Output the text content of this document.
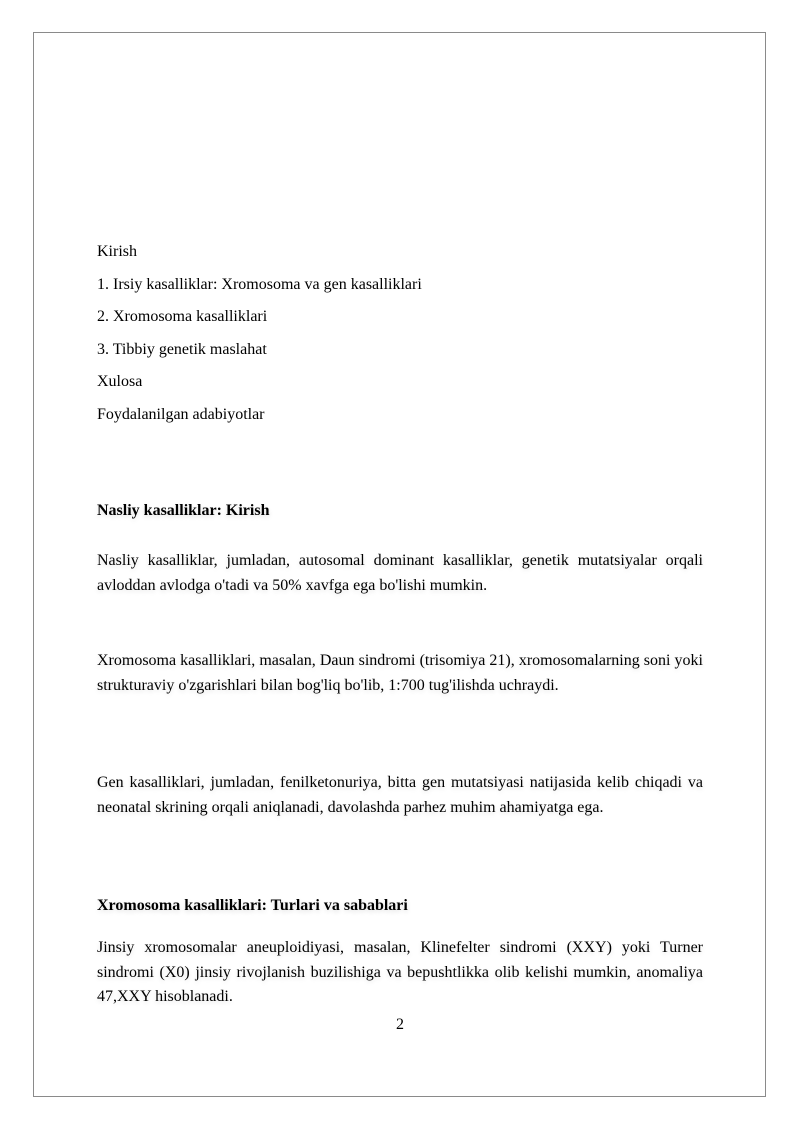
Kirish
1. Irsiy kasalliklar: Xromosoma va gen kasalliklari
2. Xromosoma kasalliklari
3. Tibbiy genetik maslahat
Xulosa
Foydalanilgan adabiyotlar
Nasliy kasalliklar: Kirish

Nasliy kasalliklar, jumladan, autosomal dominant kasalliklar, genetik mutatsiyalar orqali avloddan avlodga o'tadi va 50% xavfga ega bo'lishi mumkin.

Xromosoma kasalliklari, masalan, Daun sindromi (trisomiya 21), xromosomalarning soni yoki strukturaviy o'zgarishlari bilan bog'liq bo'lib, 1:700 tug'ilishda uchraydi.

Gen kasalliklari, jumladan, fenilketonuriya, bitta gen mutatsiyasi natijasida kelib chiqadi va neonatal skrining orqali aniqlanadi, davolashda parhez muhim ahamiyatga ega.

Xromosoma kasalliklari: Turlari va sabablari

Jinsiy xromosomalar aneuploidiyasi, masalan, Klinefelter sindromi (XXY) yoki Turner sindromi (X0) jinsiy rivojlanish buzilishiga va bepushtlikka olib kelishi mumkin, anomaliya 47,XXY hisoblanadi.

2
